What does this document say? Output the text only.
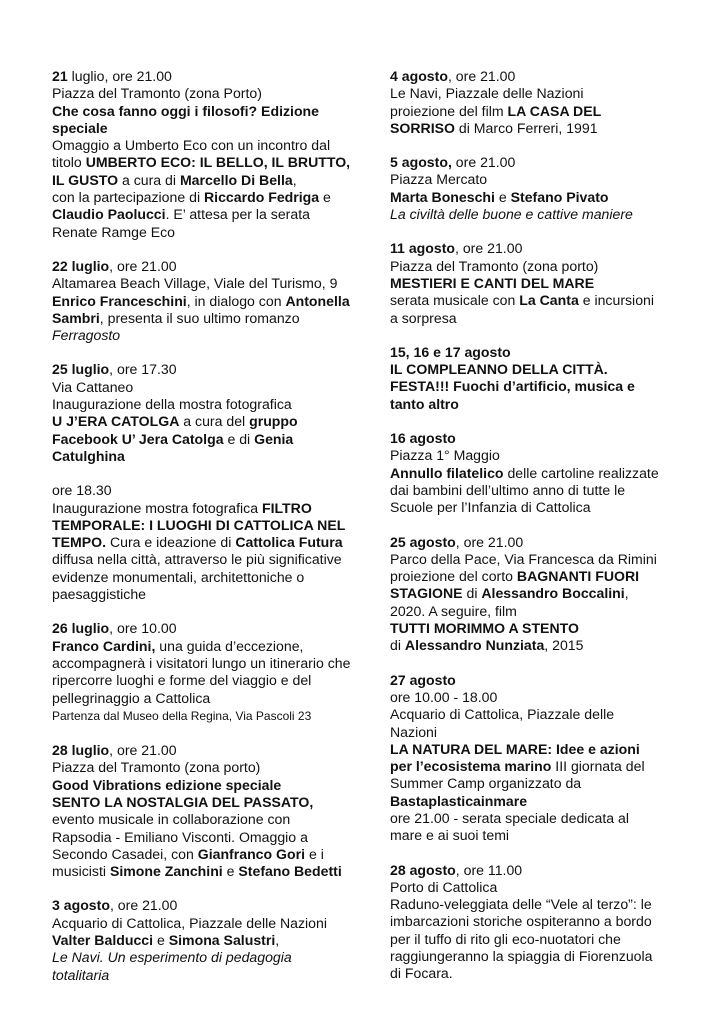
21 luglio, ore 21.00
Piazza del Tramonto (zona Porto)
Che cosa fanno oggi i filosofi? Edizione
speciale
Omaggio a Umberto Eco con un incontro dal
titolo UMBERTO ECO: IL BELLO, IL BRUTTO,
IL GUSTO a cura di Marcello Di Bella,
con la partecipazione di Riccardo Fedriga e
Claudio Paolucci. E’ attesa per la serata
Renate Ramge Eco
22 luglio, ore 21.00
Altamarea Beach Village, Viale del Turismo, 9
Enrico Franceschini, in dialogo con Antonella
Sambri, presenta il suo ultimo romanzo
Ferragosto
25 luglio, ore 17.30
Via Cattaneo
Inaugurazione della mostra fotografica
U J’ERA CATOLGA a cura del gruppo
Facebook U’ Jera Catolga e di Genia
Catulghina
ore 18.30
Inaugurazione mostra fotografica FILTRO
TEMPORALE: I LUOGHI DI CATTOLICA NEL
TEMPO. Cura e ideazione di Cattolica Futura
diffusa nella città, attraverso le più significative
evidenze monumentali, architettoniche o
paesaggistiche
26 luglio, ore 10.00
Franco Cardini, una guida d’eccezione,
accompagnerà i visitatori lungo un itinerario che
ripercorre luoghi e forme del viaggio e del
pellegrinaggio a Cattolica
Partenza dal Museo della Regina, Via Pascoli 23
28 luglio, ore 21.00
Piazza del Tramonto (zona porto)
Good Vibrations edizione speciale
SENTO LA NOSTALGIA DEL PASSATO,
evento musicale in collaborazione con
Rapsodia - Emiliano Visconti. Omaggio a
Secondo Casadei, con Gianfranco Gori e i
musicisti Simone Zanchini e Stefano Bedetti
3 agosto, ore 21.00
Acquario di Cattolica, Piazzale delle Nazioni
Valter Balducci e Simona Salustri,
Le Navi. Un esperimento di pedagogia
totalitaria
4 agosto, ore 21.00
Le Navi, Piazzale delle Nazioni
proiezione del film LA CASA DEL
SORRISO di Marco Ferreri, 1991
5 agosto, ore 21.00
Piazza Mercato
Marta Boneschi e Stefano Pivato
La civiltà delle buone e cattive maniere
11 agosto, ore 21.00
Piazza del Tramonto (zona porto)
MESTIERI E CANTI DEL MARE
serata musicale con La Canta e incursioni
a sorpresa
15, 16 e 17 agosto
IL COMPLEANNO DELLA CITTÀ.
FESTA!!! Fuochi d’artificio, musica e
tanto altro
16 agosto
Piazza 1° Maggio
Annullo filatelico delle cartoline realizzate
dai bambini dell’ultimo anno di tutte le
Scuole per l’Infanzia di Cattolica
25 agosto, ore 21.00
Parco della Pace, Via Francesca da Rimini
proiezione del corto BAGNANTI FUORI
STAGIONE di Alessandro Boccalini,
2020. A seguire, film
TUTTI MORIMMO A STENTO
di Alessandro Nunziata, 2015
27 agosto
ore 10.00 - 18.00
Acquario di Cattolica, Piazzale delle
Nazioni
LA NATURA DEL MARE: Idee e azioni
per l’ecosistema marino III giornata del
Summer Camp organizzato da
Bastaplasticainmare
ore 21.00 - serata speciale dedicata al
mare e ai suoi temi
28 agosto, ore 11.00
Porto di Cattolica
Raduno-veleggiata delle “Vele al terzo”: le
imbarcazioni storiche ospiteranno a bordo
per il tuffo di rito gli eco-nuotatori che
raggiungeranno la spiaggia di Fiorenzuola
di Focara.
